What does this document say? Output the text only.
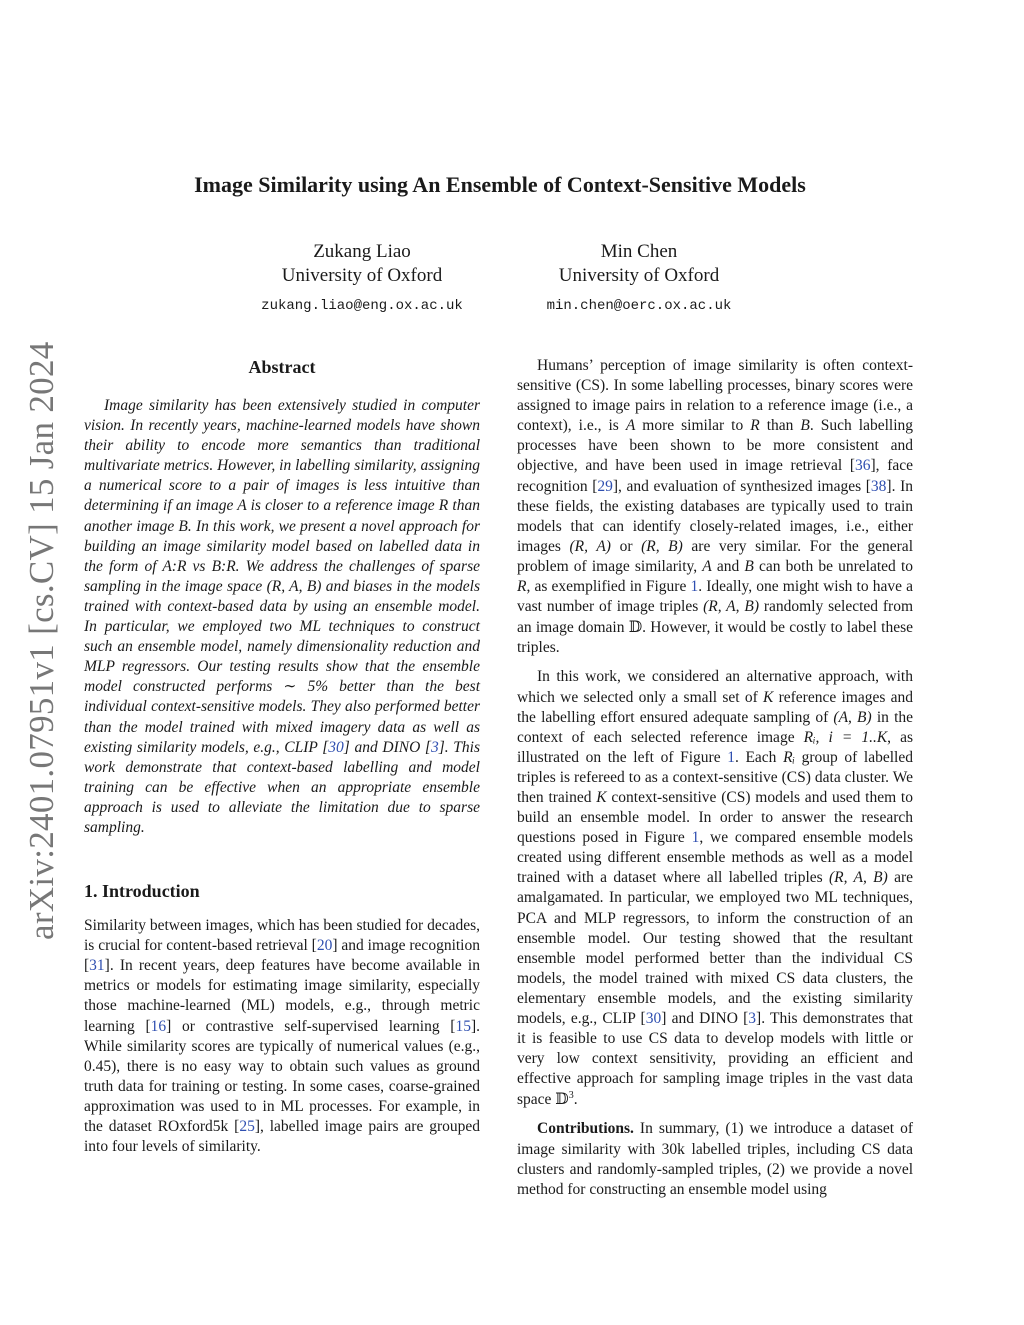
arXiv:2401.07951v1 [cs.CV] 15 Jan 2024
Image Similarity using An Ensemble of Context-Sensitive Models
Zukang Liao
University of Oxford
zukang.liao@eng.ox.ac.uk
Min Chen
University of Oxford
min.chen@oerc.ox.ac.uk
Abstract

Image similarity has been extensively studied in computer vision. In recently years, machine-learned models have shown their ability to encode more semantics than traditional multivariate metrics. However, in labelling similarity, assigning a numerical score to a pair of images is less intuitive than determining if an image A is closer to a reference image R than another image B. In this work, we present a novel approach for building an image similarity model based on labelled data in the form of A:R vs B:R. We address the challenges of sparse sampling in the image space (R, A, B) and biases in the models trained with context-based data by using an ensemble model. In particular, we employed two ML techniques to construct such an ensemble model, namely dimensionality reduction and MLP regressors. Our testing results show that the ensemble model constructed performs ∼ 5% better than the best individual context-sensitive models. They also performed better than the model trained with mixed imagery data as well as existing similarity models, e.g., CLIP [30] and DINO [3]. This work demonstrate that context-based labelling and model training can be effective when an appropriate ensemble approach is used to alleviate the limitation due to sparse sampling.

1. Introduction

Similarity between images, which has been studied for decades, is crucial for content-based retrieval [20] and image recognition [31]. In recent years, deep features have become available in metrics or models for estimating image similarity, especially those machine-learned (ML) models, e.g., through metric learning [16] or contrastive self-supervised learning [15]. While similarity scores are typically of numerical values (e.g., 0.45), there is no easy way to obtain such values as ground truth data for training or testing. In some cases, coarse-grained approximation was used to in ML processes. For example, in the dataset ROxford5k [25], labelled image pairs are grouped into four levels of similarity.

Humans’ perception of image similarity is often context-sensitive (CS). In some labelling processes, binary scores were assigned to image pairs in relation to a reference image (i.e., a context), i.e., is A more similar to R than B. Such labelling processes have been shown to be more consistent and objective, and have been used in image retrieval [36], face recognition [29], and evaluation of synthesized images [38]. In these fields, the existing databases are typically used to train models that can identify closely-related images, i.e., either images (R, A) or (R, B) are very similar. For the general problem of image similarity, A and B can both be unrelated to R, as exemplified in Figure 1. Ideally, one might wish to have a vast number of image triples (R, A, B) randomly selected from an image domain 𝔻. However, it would be costly to label these triples.

In this work, we considered an alternative approach, with which we selected only a small set of K reference images and the labelling effort ensured adequate sampling of (A, B) in the context of each selected reference image Rᵢ, i = 1..K, as illustrated on the left of Figure 1. Each Rᵢ group of labelled triples is refereed to as a context-sensitive (CS) data cluster. We then trained K context-sensitive (CS) models and used them to build an ensemble model. In order to answer the research questions posed in Figure 1, we compared ensemble models created using different ensemble methods as well as a model trained with a dataset where all labelled triples (R, A, B) are amalgamated. In particular, we employed two ML techniques, PCA and MLP regressors, to inform the construction of an ensemble model. Our testing showed that the resultant ensemble model performed better than the individual CS models, the model trained with mixed CS data clusters, the elementary ensemble models, and the existing similarity models, e.g., CLIP [30] and DINO [3]. This demonstrates that it is feasible to use CS data to develop models with little or very low context sensitivity, providing an efficient and effective approach for sampling image triples in the vast data space 𝔻$^3$.

Contributions. In summary, (1) we introduce a dataset of image similarity with 30k labelled triples, including CS data clusters and randomly-sampled triples, (2) we provide a novel method for constructing an ensemble model using
